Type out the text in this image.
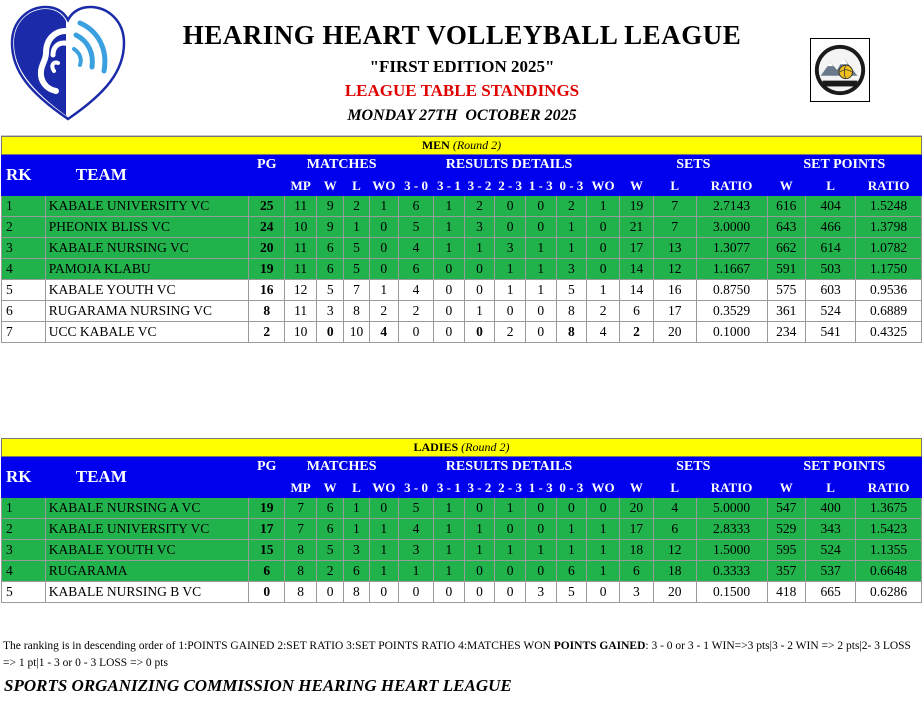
HEARING HEART VOLLEYBALL LEAGUE
"FIRST EDITION 2025"
LEAGUE TABLE STANDINGS
MONDAY 27TH  OCTOBER 2025
MEN (Round 2)																			
RK	TEAM	PG	MATCHES				RESULTS DETAILS							SETS			SET POINTS		
			MP	W	L	WO	3 - 0	3 - 1	3 - 2	2 - 3	1 - 3	0 - 3	WO	W	L	RATIO	W	L	RATIO
1	KABALE UNIVERSITY VC	25	11	9	2	1	6	1	2	0	0	2	1	19	7	2.7143	616	404	1.5248
2	PHEONIX BLISS VC	24	10	9	1	0	5	1	3	0	0	1	0	21	7	3.0000	643	466	1.3798
3	KABALE NURSING VC	20	11	6	5	0	4	1	1	3	1	1	0	17	13	1.3077	662	614	1.0782
4	PAMOJA KLABU	19	11	6	5	0	6	0	0	1	1	3	0	14	12	1.1667	591	503	1.1750
5	KABALE YOUTH VC	16	12	5	7	1	4	0	0	1	1	5	1	14	16	0.8750	575	603	0.9536
6	RUGARAMA NURSING VC	8	11	3	8	2	2	0	1	0	0	8	2	6	17	0.3529	361	524	0.6889
7	UCC KABALE VC	2	10	0	10	4	0	0	0	2	0	8	4	2	20	0.1000	234	541	0.4325
LADIES (Round 2)																			
RK	TEAM	PG	MATCHES				RESULTS DETAILS							SETS			SET POINTS		
			MP	W	L	WO	3 - 0	3 - 1	3 - 2	2 - 3	1 - 3	0 - 3	WO	W	L	RATIO	W	L	RATIO
1	KABALE NURSING A VC	19	7	6	1	0	5	1	0	1	0	0	0	20	4	5.0000	547	400	1.3675
2	KABALE UNIVERSITY VC	17	7	6	1	1	4	1	1	0	0	1	1	17	6	2.8333	529	343	1.5423
3	KABALE YOUTH VC	15	8	5	3	1	3	1	1	1	1	1	1	18	12	1.5000	595	524	1.1355
4	RUGARAMA	6	8	2	6	1	1	1	0	0	0	6	1	6	18	0.3333	357	537	0.6648
5	KABALE NURSING B VC	0	8	0	8	0	0	0	0	0	3	5	0	3	20	0.1500	418	665	0.6286
The ranking is in descending order of 1:POINTS GAINED 2:SET RATIO 3:SET POINTS RATIO 4:MATCHES WON POINTS GAINED: 3 - 0 or 3 - 1 WIN=>3 pts|3 - 2 WIN => 2 pts|2- 3 LOSS => 1 pt|1 - 3 or 0 - 3 LOSS => 0 pts
SPORTS ORGANIZING COMMISSION HEARING HEART LEAGUE
